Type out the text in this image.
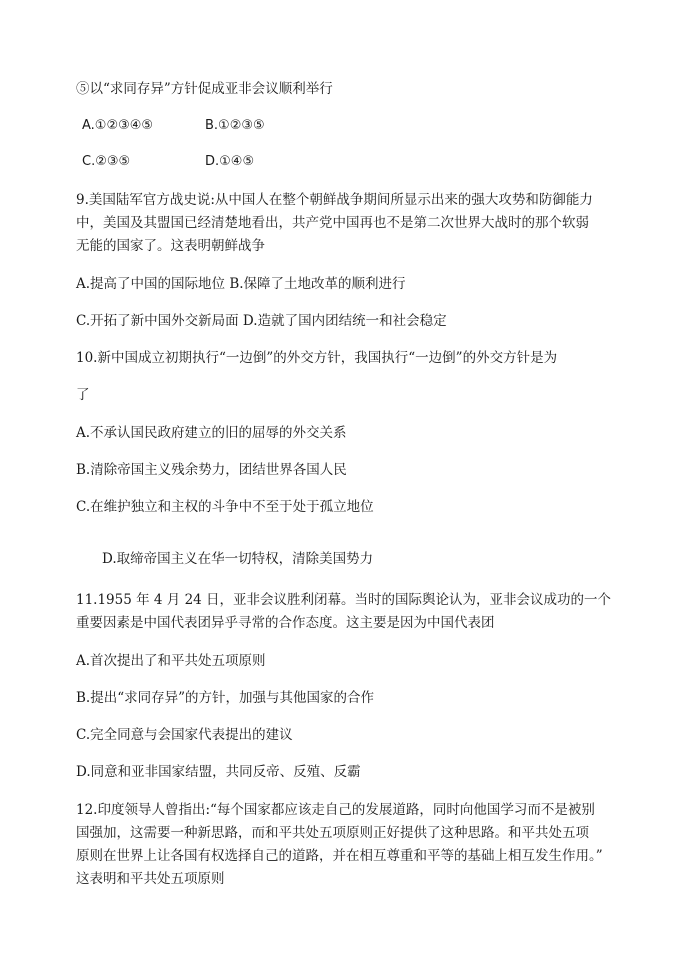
⑤以“求同存异”方针促成亚非会议顺利举行
A.①②③④⑤	B.①②③⑤
C.②③⑤	D.①④⑤
9.美国陆军官方战史说:从中国人在整个朝鲜战争期间所显示出来的强大攻势和防御能力
中，美国及其盟国已经清楚地看出，共产党中国再也不是第二次世界大战时的那个软弱
无能的国家了。这表明朝鲜战争
A.提高了中国的国际地位 B.保障了土地改革的顺利进行
C.开拓了新中国外交新局面 D.造就了国内团结统一和社会稳定
10.新中国成立初期执行“一边倒”的外交方针，我国执行“一边倒”的外交方针是为
了
A.不承认国民政府建立的旧的屈辱的外交关系
B.清除帝国主义残余势力，团结世界各国人民
C.在维护独立和主权的斗争中不至于处于孤立地位
D.取缔帝国主义在华一切特权，清除美国势力
11.1955 年 4 月 24 日，亚非会议胜利闭幕。当时的国际舆论认为，亚非会议成功的一个
重要因素是中国代表团异乎寻常的合作态度。这主要是因为中国代表团
A.首次提出了和平共处五项原则
B.提出“求同存异”的方针，加强与其他国家的合作
C.完全同意与会国家代表提出的建议
D.同意和亚非国家结盟，共同反帝、反殖、反霸
12.印度领导人曾指出:“每个国家都应该走自己的发展道路，同时向他国学习而不是被别
国强加，这需要一种新思路，而和平共处五项原则正好提供了这种思路。和平共处五项
原则在世界上让各国有权选择自己的道路，并在相互尊重和平等的基础上相互发生作用。”
这表明和平共处五项原则
